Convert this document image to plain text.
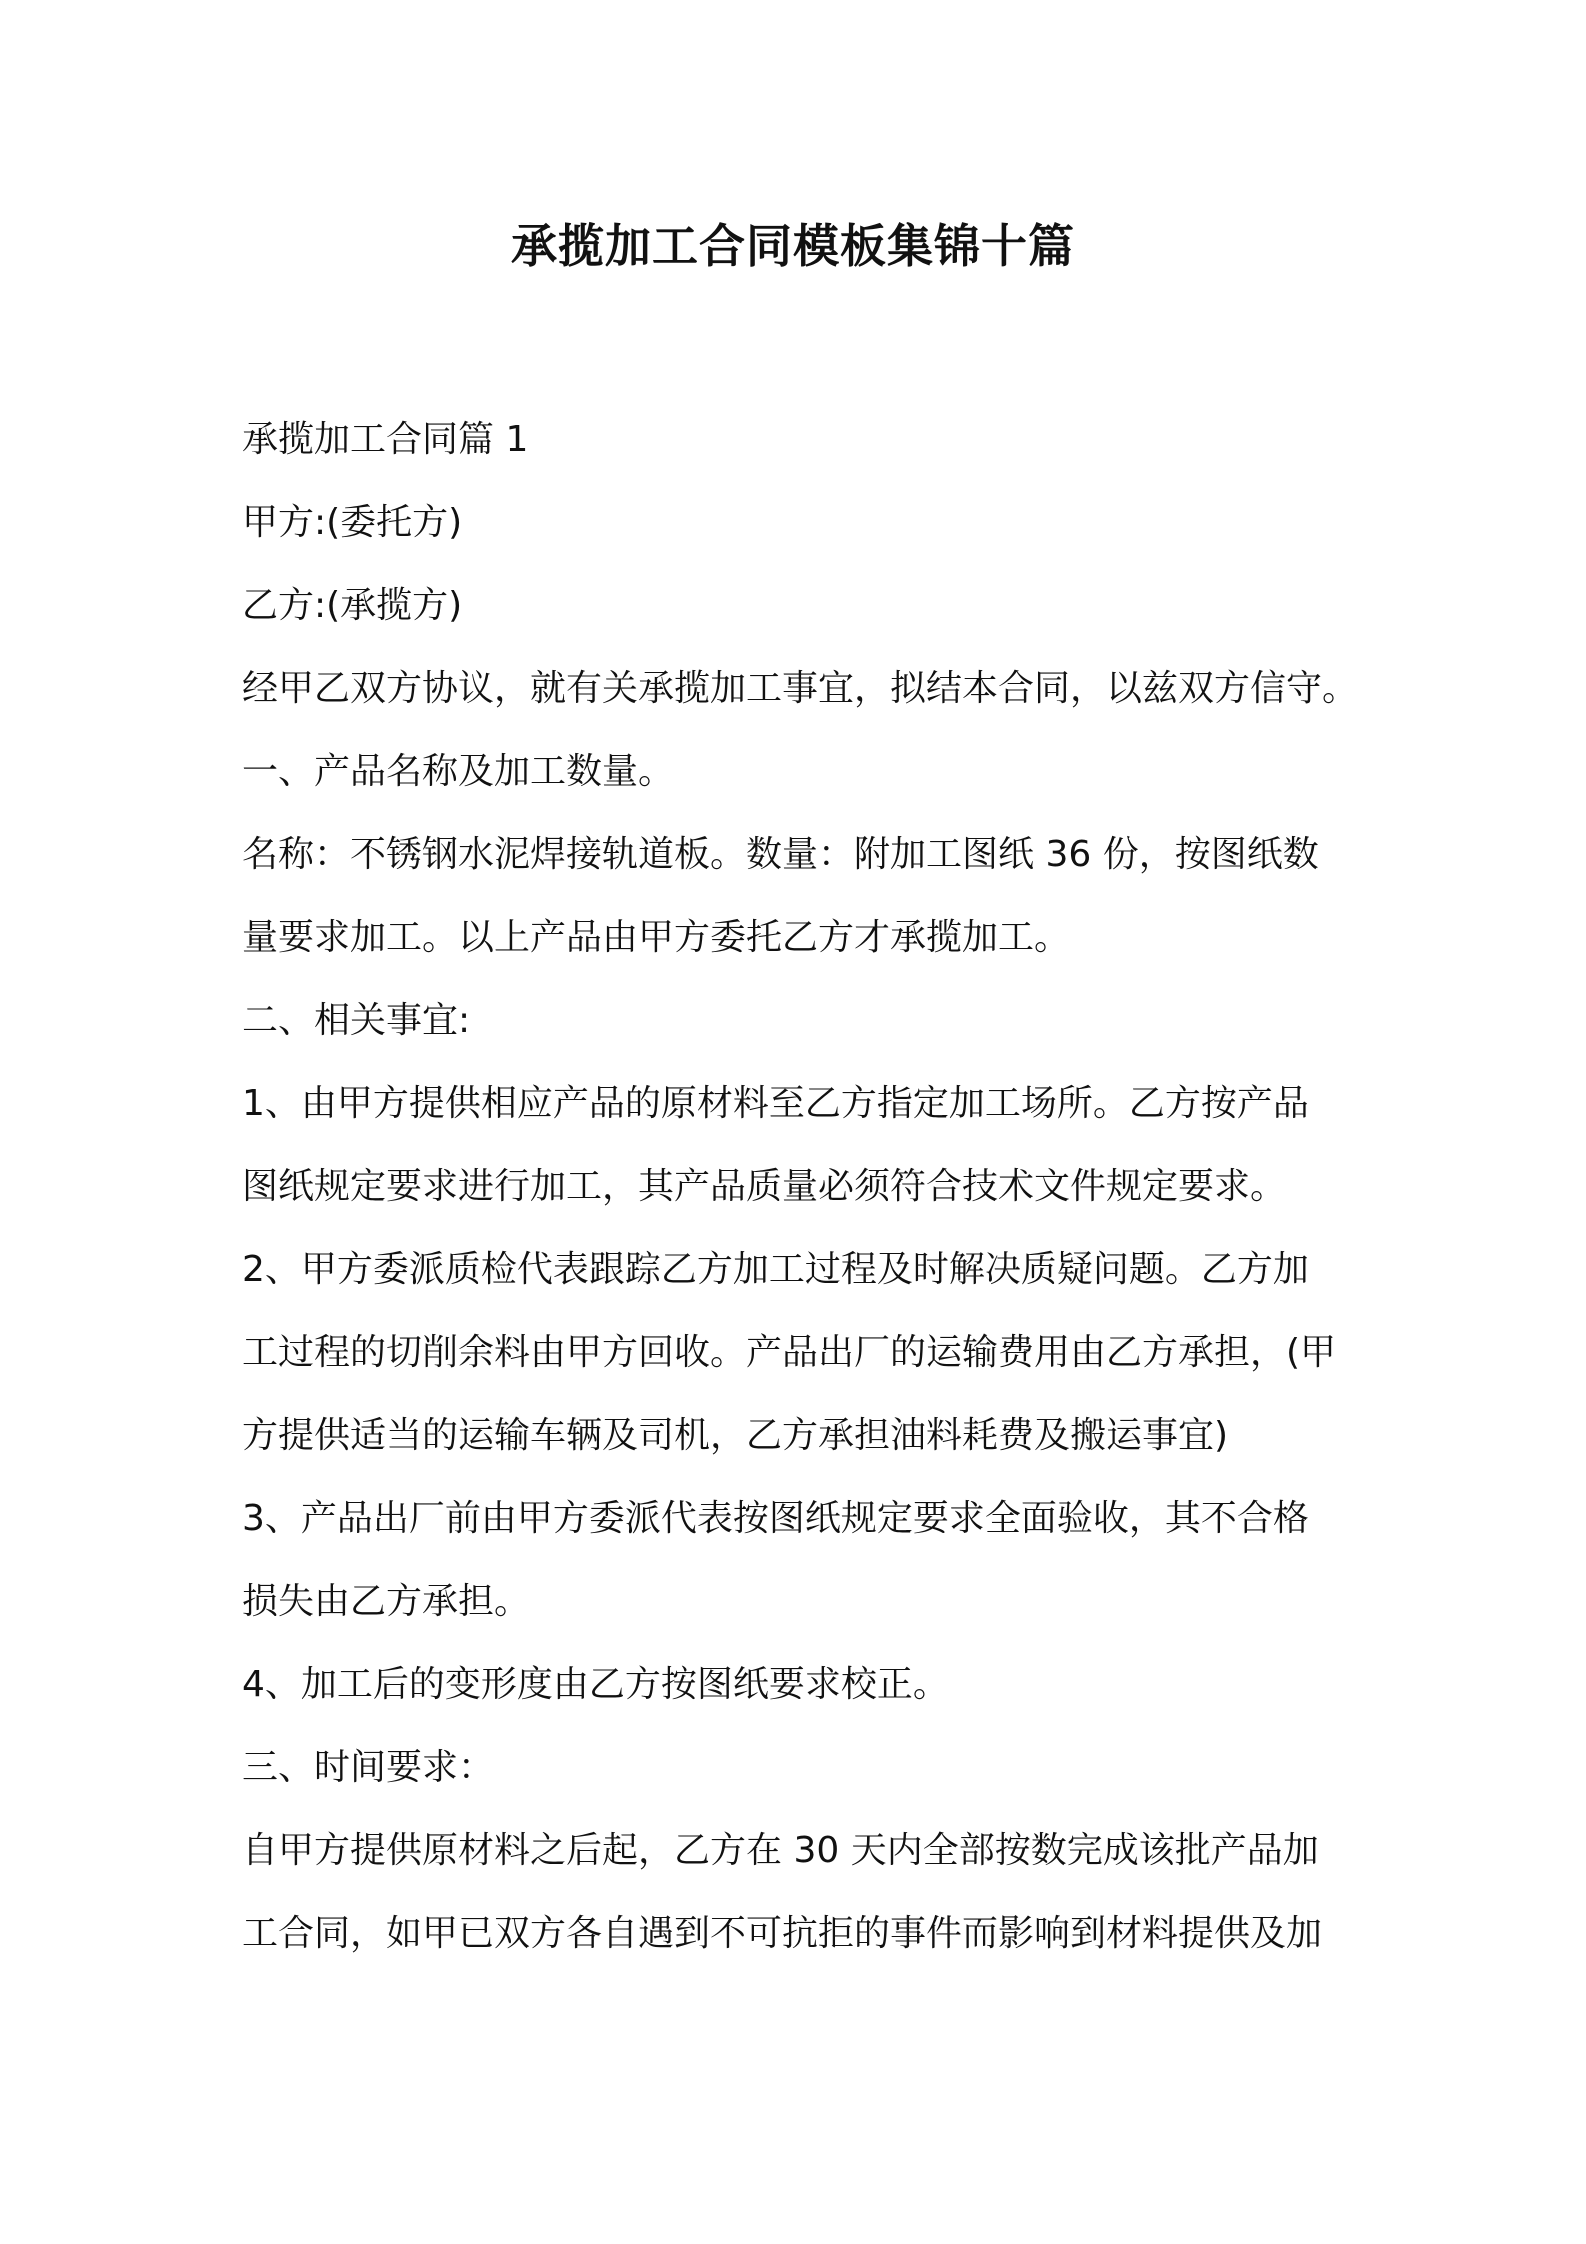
承揽加工合同模板集锦十篇
承揽加工合同篇 1
甲方:(委托方)
乙方:(承揽方)
经甲乙双方协议，就有关承揽加工事宜，拟结本合同，以兹双方信守。
一、产品名称及加工数量。
名称：不锈钢水泥焊接轨道板。数量：附加工图纸 36 份，按图纸数
量要求加工。以上产品由甲方委托乙方才承揽加工。
二、相关事宜:
1、由甲方提供相应产品的原材料至乙方指定加工场所。乙方按产品
图纸规定要求进行加工，其产品质量必须符合技术文件规定要求。
2、甲方委派质检代表跟踪乙方加工过程及时解决质疑问题。乙方加
工过程的切削余料由甲方回收。产品出厂的运输费用由乙方承担，(甲
方提供适当的运输车辆及司机，乙方承担油料耗费及搬运事宜)
3、产品出厂前由甲方委派代表按图纸规定要求全面验收，其不合格
损失由乙方承担。
4、加工后的变形度由乙方按图纸要求校正。
三、时间要求：
自甲方提供原材料之后起，乙方在 30 天内全部按数完成该批产品加
工合同，如甲已双方各自遇到不可抗拒的事件而影响到材料提供及加
